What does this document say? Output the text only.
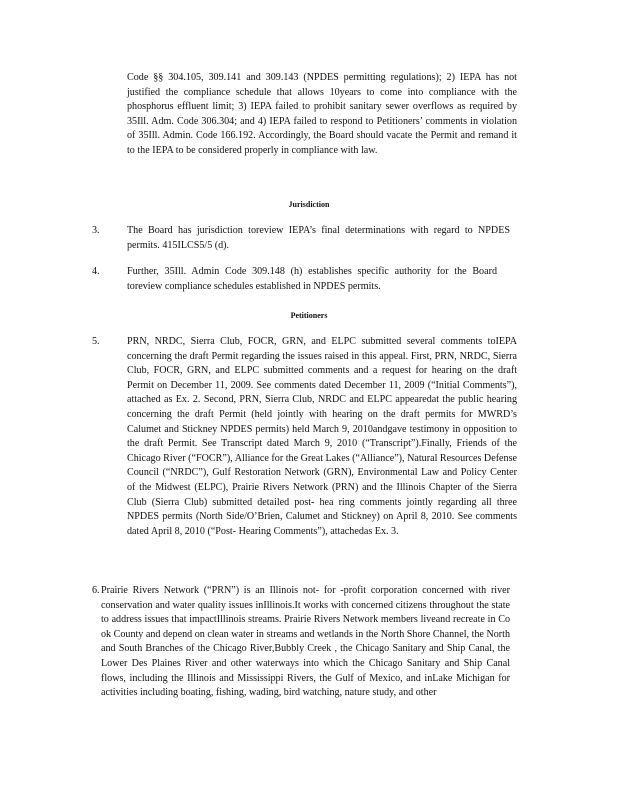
Code §§ 304.105, 309.141 and 309.143 (NPDES permitting regulations); 2) IEPA has not justified the compliance schedule that allows 10years to come into compliance with the phosphorus effluent limit; 3) IEPA failed to prohibit sanitary sewer overflows as required by 35Ill. Adm. Code 306.304; and 4) IEPA failed to respond to Petitioners’ comments in violation of 35Ill. Admin. Code 166.192. Accordingly, the Board should vacate the Permit and remand it to the IEPA to be considered properly in compliance with law.

Jurisdiction
3.	The Board has jurisdiction toreview IEPA’s final determinations with regard to NPDES permits. 415ILCS5/5 (d).

4.	Further, 35Ill. Admin Code 309.148 (h) establishes specific authority for the Board toreview compliance schedules established in NPDES permits.

Petitioners
5.	PRN, NRDC, Sierra Club, FOCR, GRN, and ELPC submitted several comments toIEPA concerning the draft Permit regarding the issues raised in this appeal. First, PRN, NRDC, Sierra Club, FOCR, GRN, and ELPC submitted comments and a request for hearing on the draft Permit on December 11, 2009. See comments dated December 11, 2009 (“Initial Comments”), attached as Ex. 2. Second, PRN, Sierra Club, NRDC and ELPC appearedat the public hearing concerning the draft Permit (held jointly with hearing on the draft permits for MWRD’s Calumet and Stickney NPDES permits) held March 9, 2010andgave testimony in opposition to the draft Permit. See Transcript dated March 9, 2010 (“Transcript”).Finally, Friends of the Chicago River (“FOCR”), Alliance for the Great Lakes (“Alliance”), Natural Resources Defense Council (“NRDC”), Gulf Restoration Network (GRN), Environmental Law and Policy Center of the Midwest (ELPC), Prairie Rivers Network (PRN) and the Illinois Chapter of the Sierra Club (Sierra Club) submitted detailed post- hea ring comments jointly regarding all three NPDES permits (North Side/O’Brien, Calumet and Stickney) on April 8, 2010. See comments dated April 8, 2010 (“Post- Hearing Comments”), attachedas Ex. 3.

6. Prairie Rivers Network (“PRN”) is an Illinois not- for -profit corporation concerned with river conservation and water quality issues inIllinois.It works with concerned citizens throughout the state to address issues that impactIllinois streams. Prairie Rivers Network members liveand recreate in Co ok County and depend on clean water in streams and wetlands in the North Shore Channel, the North and South Branches of the Chicago River,Bubbly Creek , the Chicago Sanitary and Ship Canal, the Lower Des Plaines River and other waterways into which the Chicago Sanitary and Ship Canal flows, including the Illinois and Mississippi Rivers, the Gulf of Mexico, and inLake Michigan for activities including boating, fishing, wading, bird watching, nature study, and other
